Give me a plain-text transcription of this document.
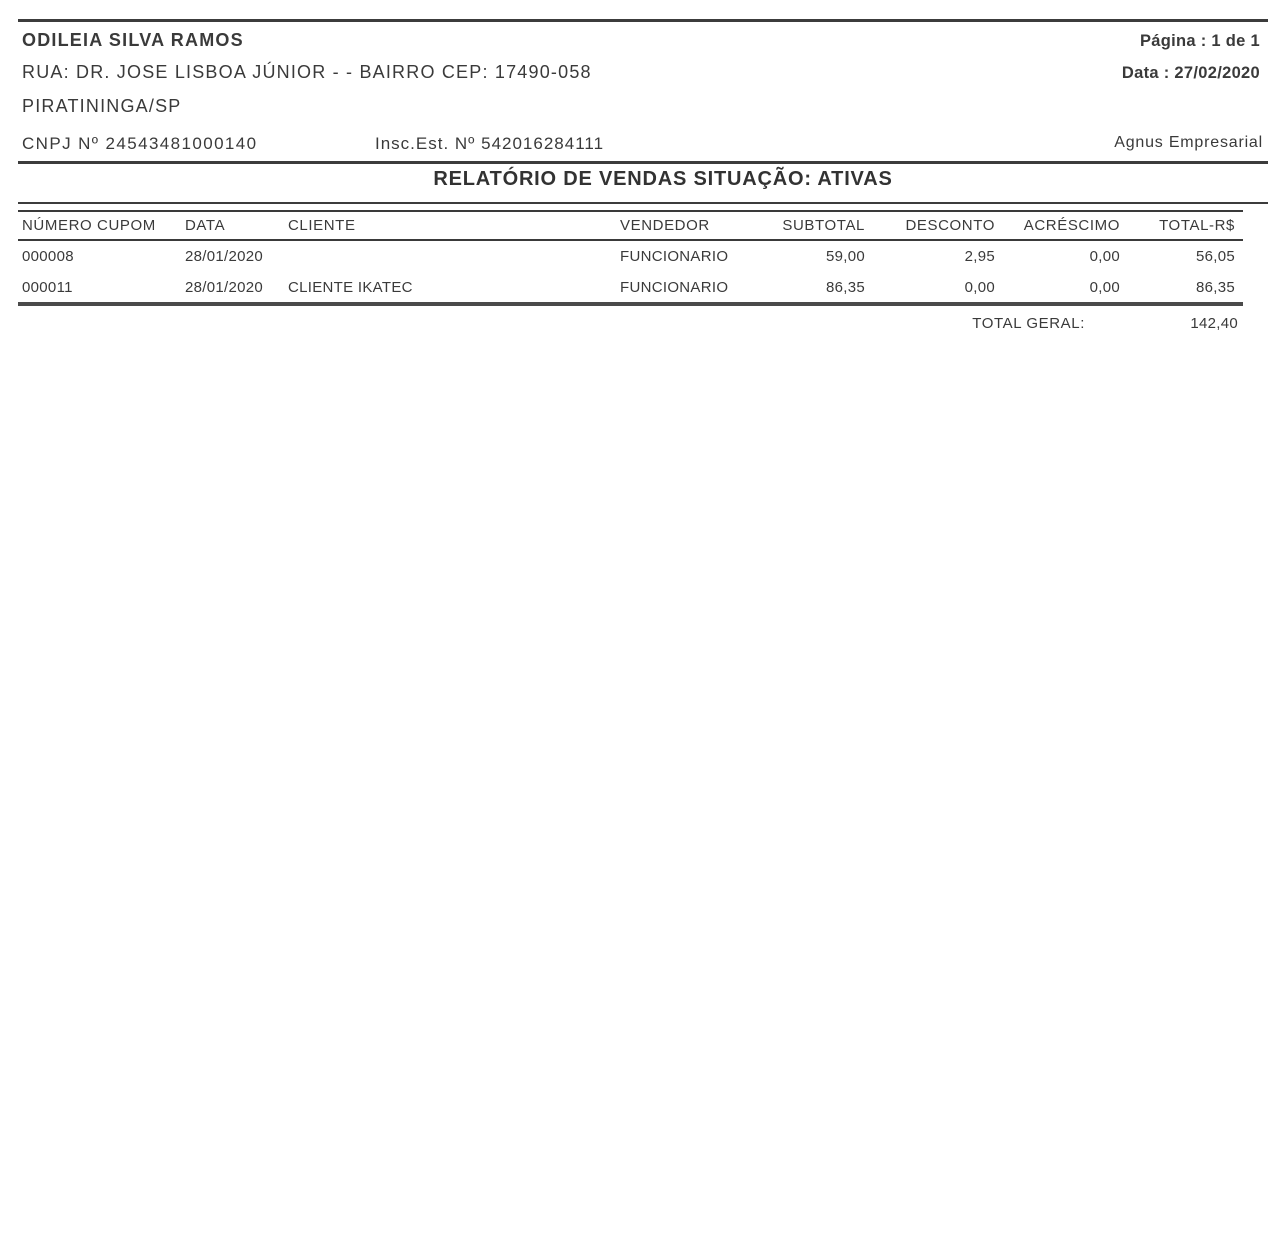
ODILEIA SILVA RAMOS	Página : 1 de 1
RUA: DR. JOSE LISBOA JÚNIOR - - BAIRRO CEP: 17490-058	Data : 27/02/2020
PIRATININGA/SP
CNPJ Nº 24543481000140	Insc.Est. Nº 542016284111	Agnus Empresarial
RELATÓRIO DE VENDAS SITUAÇÃO: ATIVAS
NÚMERO CUPOM	DATA	CLIENTE	VENDEDOR	SUBTOTAL	DESCONTO	ACRÉSCIMO	TOTAL-R$
000008	28/01/2020		FUNCIONARIO	59,00	2,95	0,00	56,05
000011	28/01/2020	CLIENTE IKATEC	FUNCIONARIO	86,35	0,00	0,00	86,35
TOTAL GERAL:	142,40
